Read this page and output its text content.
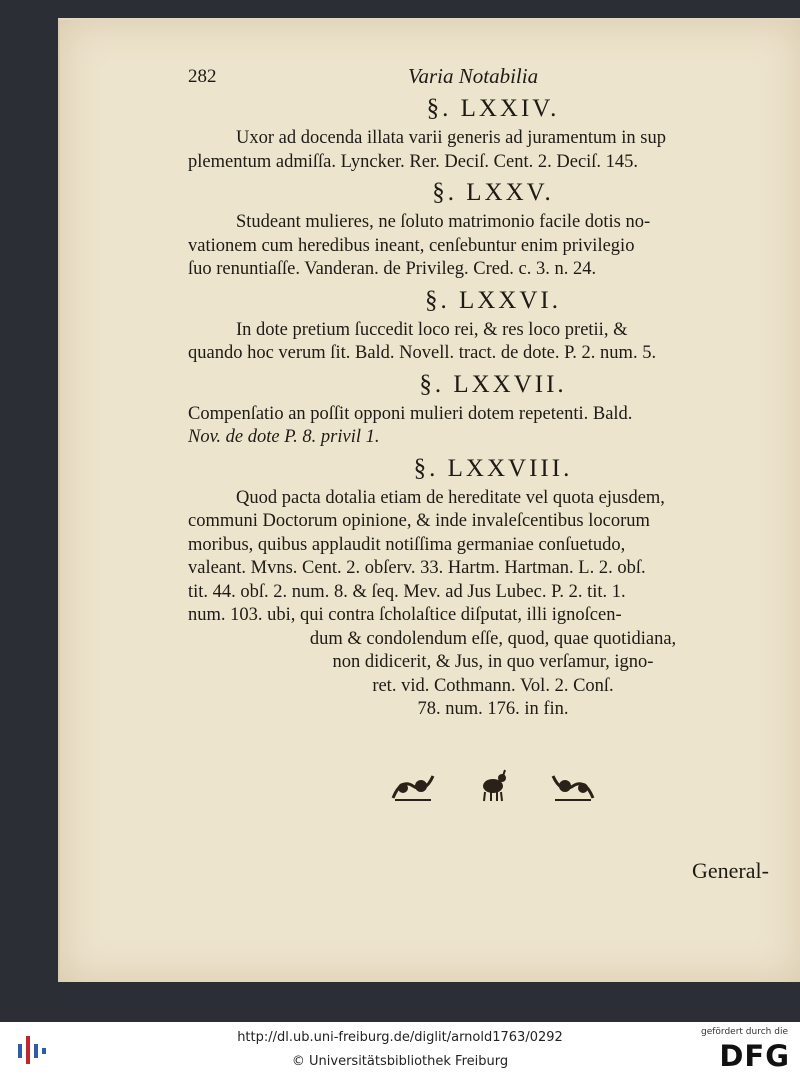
282	Varia Notabilia
§. LXXIV.
Uxor ad docenda illata varii generis ad juramentum in sup
plementum admiſſa. Lyncker. Rer. Deciſ. Cent. 2. Deciſ. 145.
§. LXXV.
Studeant mulieres, ne ſoluto matrimonio facile dotis no-
vationem cum heredibus ineant, cenſebuntur enim privilegio
ſuo renuntiaſſe. Vanderan. de Privileg. Cred. c. 3. n. 24.
§. LXXVI.
In dote pretium ſuccedit loco rei, & res loco pretii, &
quando hoc verum ſit. Bald. Novell. tract. de dote. P. 2. num. 5.
§. LXXVII.
Compenſatio an poſſit opponi mulieri dotem repetenti. Bald.
Nov. de dote P. 8. privil 1.
§. LXXVIII.
Quod pacta dotalia etiam de hereditate vel quota ejusdem,
communi Doctorum opinione, & inde invaleſcentibus locorum
moribus, quibus applaudit notiſſima germaniae conſuetudo,
valeant. Mvns. Cent. 2. obſerv. 33. Hartm. Hartman. L. 2. obſ.
tit. 44. obſ. 2. num. 8. & ſeq. Mev. ad Jus Lubec. P. 2. tit. 1.
num. 103. ubi, qui contra ſcholaſtice diſputat, illi ignoſcen-
dum & condolendum eſſe, quod, quae quotidiana,
non didicerit, & Jus, in quo verſamur, igno-
ret. vid. Cothmann. Vol. 2. Conſ.
78. num. 176. in fin.
General-
http://dl.ub.uni-freiburg.de/diglit/arnold1763/0292
© Universitätsbibliothek Freiburg
gefördert durch die
DFG
